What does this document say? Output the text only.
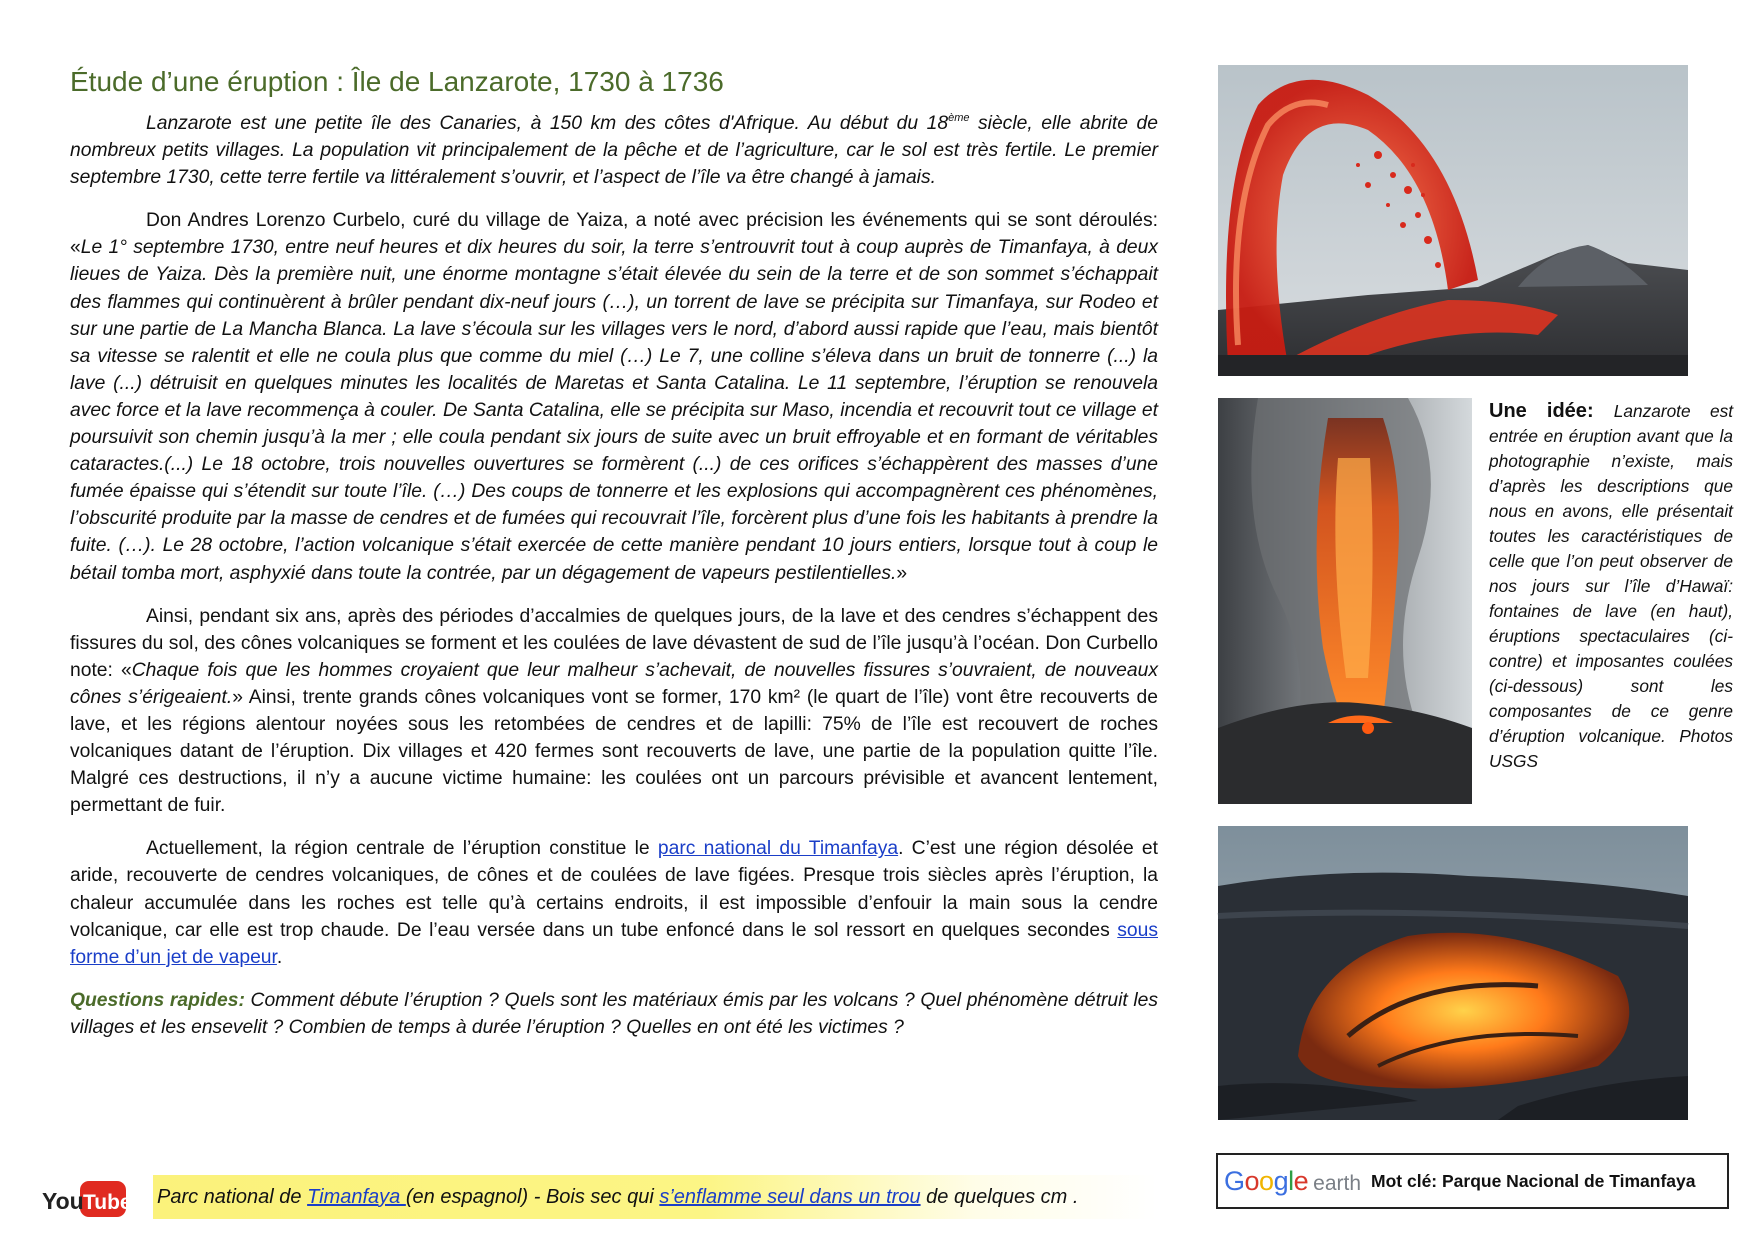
Étude d’une éruption : Île de Lanzarote, 1730 à 1736

Lanzarote est une petite île des Canaries, à 150 km des côtes d'Afrique. Au début du 18ème siècle, elle abrite de nombreux petits villages. La population vit principalement de la pêche et de l’agriculture, car le sol est très fertile. Le premier septembre 1730, cette terre fertile va littéralement s’ouvrir, et l’aspect de l’île va être changé à jamais.

Don Andres Lorenzo Curbelo, curé du village de Yaiza, a noté avec précision les événements qui se sont déroulés: «Le 1° septembre 1730, entre neuf heures et dix heures du soir, la terre s’entrouvrit tout à coup auprès de Timanfaya, à deux lieues de Yaiza. Dès la première nuit, une énorme montagne s’était élevée du sein de la terre et de son sommet s’échappait des flammes qui continuèrent à brûler pendant dix-neuf jours (…), un torrent de lave se précipita sur Timanfaya, sur Rodeo et sur une partie de La Mancha Blanca. La lave s’écoula sur les villages vers le nord, d’abord aussi rapide que l’eau, mais bientôt sa vitesse se ralentit et elle ne coula plus que comme du miel (…) Le 7, une colline s’éleva dans un bruit de tonnerre (...) la lave (...) détruisit en quelques minutes les localités de Maretas et Santa Catalina. Le 11 septembre, l’éruption se renouvela avec force et la lave recommença à couler. De Santa Catalina, elle se précipita sur Maso, incendia et recouvrit tout ce village et poursuivit son chemin jusqu’à la mer ; elle coula pendant six jours de suite avec un bruit effroyable et en formant de véritables cataractes.(...) Le 18 octobre, trois nouvelles ouvertures se formèrent (...) de ces orifices s’échappèrent des masses d’une fumée épaisse qui s’étendit sur toute l’île. (…) Des coups de tonnerre et les explosions qui accompagnèrent ces phénomènes, l’obscurité produite par la masse de cendres et de fumées qui recouvrait l’île, forcèrent plus d’une fois les habitants à prendre la fuite. (…). Le 28 octobre, l’action volcanique s’était exercée de cette manière pendant 10 jours entiers, lorsque tout à coup le bétail tomba mort, asphyxié dans toute la contrée, par un dégagement de vapeurs pestilentielles.»

Ainsi, pendant six ans, après des périodes d’accalmies de quelques jours, de la lave et des cendres s’échappent des fissures du sol, des cônes volcaniques se forment et les coulées de lave dévastent de sud de l’île jusqu’à l’océan. Don Curbello note: «Chaque fois que les hommes croyaient que leur malheur s’achevait, de nouvelles fissures s’ouvraient, de nouveaux cônes s’érigeaient.» Ainsi, trente grands cônes volcaniques vont se former, 170 km² (le quart de l’île) vont être recouverts de lave, et les régions alentour noyées sous les retombées de cendres et de lapilli: 75% de l’île est recouvert de roches volcaniques datant de l’éruption. Dix villages et 420 fermes sont recouverts de lave, une partie de la population quitte l’île. Malgré ces destructions, il n’y a aucune victime humaine: les coulées ont un parcours prévisible et avancent lentement, permettant de fuir.

Actuellement, la région centrale de l’éruption constitue le parc national du Timanfaya. C’est une région désolée et aride, recouverte de cendres volcaniques, de cônes et de coulées de lave figées. Presque trois siècles après l’éruption, la chaleur accumulée dans les roches est telle qu’à certains endroits, il est impossible d’enfouir la main sous la cendre volcanique, car elle est trop chaude. De l’eau versée dans un tube enfoncé dans le sol ressort en quelques secondes sous forme d’un jet de vapeur.

Questions rapides: Comment débute l’éruption ? Quels sont les matériaux émis par les volcans ? Quel phénomène détruit les villages et les ensevelit ? Combien de temps à durée l’éruption ? Quelles en ont été les victimes ?

Une idée: Lanzarote est entrée en éruption avant que la photographie n’existe, mais d’après les descriptions que nous en avons, elle présentait toutes les caractéristiques de celle que l’on peut observer de nos jours sur l’île d’Hawaï: fontaines de lave (en haut), éruptions spectaculaires (ci-contre) et imposantes coulées (ci-dessous) sont les composantes de ce genre d’éruption volcanique. Photos USGS
Google earth Mot clé: Parque Nacional de Timanfaya
You Tube Parc national de Timanfaya (en espagnol) - Bois sec qui s’enflamme seul dans un trou de quelques cm .
